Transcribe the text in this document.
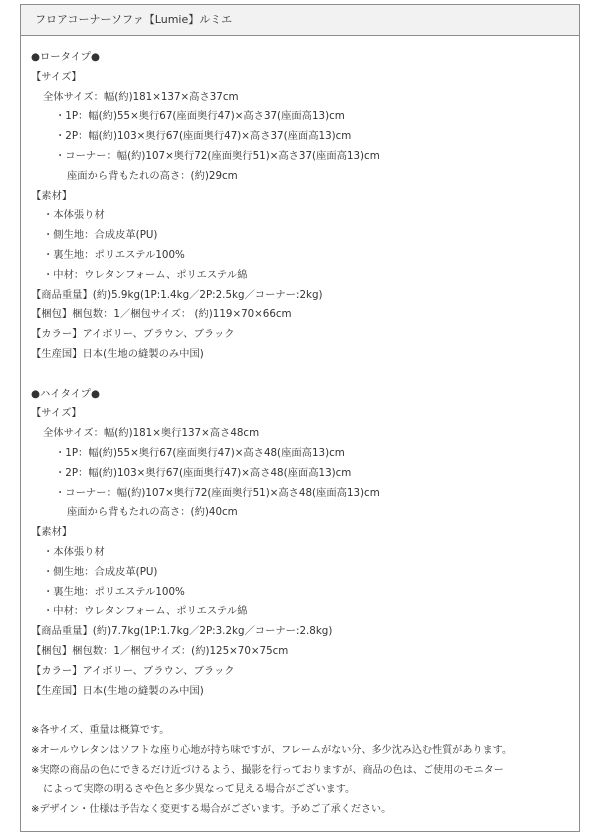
フロアコーナーソファ【Lumie】ルミエ
●ロータイプ●
【サイズ】
全体サイズ：幅(約)181×137×高さ37cm
・1P：幅(約)55×奥行67(座面奥行47)×高さ37(座面高13)cm
・2P：幅(約)103×奥行67(座面奥行47)×高さ37(座面高13)cm
・コーナー：幅(約)107×奥行72(座面奥行51)×高さ37(座面高13)cm
座面から背もたれの高さ：(約)29cm
【素材】
・本体張り材
・側生地：合成皮革(PU)
・裏生地：ポリエステル100%
・中材：ウレタンフォーム、ポリエステル綿
【商品重量】(約)5.9kg(1P:1.4kg／2P:2.5kg／コーナー:2kg)
【梱包】梱包数：1／梱包サイズ： (約)119×70×66cm
【カラー】アイボリー、ブラウン、ブラック
【生産国】日本(生地の縫製のみ中国)
●ハイタイプ●
【サイズ】
全体サイズ：幅(約)181×奥行137×高さ48cm
・1P：幅(約)55×奥行67(座面奥行47)×高さ48(座面高13)cm
・2P：幅(約)103×奥行67(座面奥行47)×高さ48(座面高13)cm
・コーナー：幅(約)107×奥行72(座面奥行51)×高さ48(座面高13)cm
座面から背もたれの高さ：(約)40cm
【素材】
・本体張り材
・側生地：合成皮革(PU)
・裏生地：ポリエステル100%
・中材：ウレタンフォーム、ポリエステル綿
【商品重量】(約)7.7kg(1P:1.7kg／2P:3.2kg／コーナー:2.8kg)
【梱包】梱包数：1／梱包サイズ：(約)125×70×75cm
【カラー】アイボリー、ブラウン、ブラック
【生産国】日本(生地の縫製のみ中国)
※各サイズ、重量は概算です。
※オールウレタンはソフトな座り心地が持ち味ですが、フレームがない分、多少沈み込む性質があります。
※実際の商品の色にできるだけ近づけるよう、撮影を行っておりますが、商品の色は、ご使用のモニター
によって実際の明るさや色と多少異なって見える場合がございます。
※デザイン・仕様は予告なく変更する場合がございます。予めご了承ください。
